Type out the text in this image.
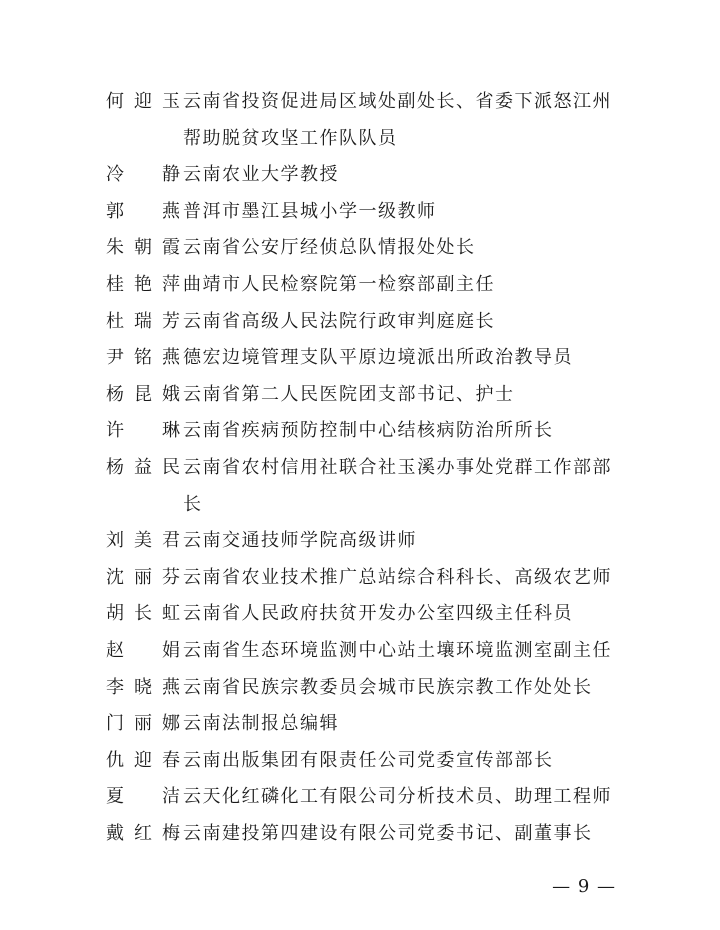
何迎玉 云南省投资促进局区域处副处长、省委下派怒江州帮助脱贫攻坚工作队队员
冷　静 云南农业大学教授
郭　燕 普洱市墨江县城小学一级教师
朱朝霞 云南省公安厅经侦总队情报处处长
桂艳萍 曲靖市人民检察院第一检察部副主任
杜瑞芳 云南省高级人民法院行政审判庭庭长
尹铭燕 德宏边境管理支队平原边境派出所政治教导员
杨昆娥 云南省第二人民医院团支部书记、护士
许　琳 云南省疾病预防控制中心结核病防治所所长
杨益民 云南省农村信用社联合社玉溪办事处党群工作部部长
刘美君 云南交通技师学院高级讲师
沈丽芬 云南省农业技术推广总站综合科科长、高级农艺师
胡长虹 云南省人民政府扶贫开发办公室四级主任科员
赵　娟 云南省生态环境监测中心站土壤环境监测室副主任
李晓燕 云南省民族宗教委员会城市民族宗教工作处处长
门丽娜 云南法制报总编辑
仇迎春 云南出版集团有限责任公司党委宣传部部长
夏　洁 云天化红磷化工有限公司分析技术员、助理工程师
戴红梅 云南建投第四建设有限公司党委书记、副董事长
— 9 —
